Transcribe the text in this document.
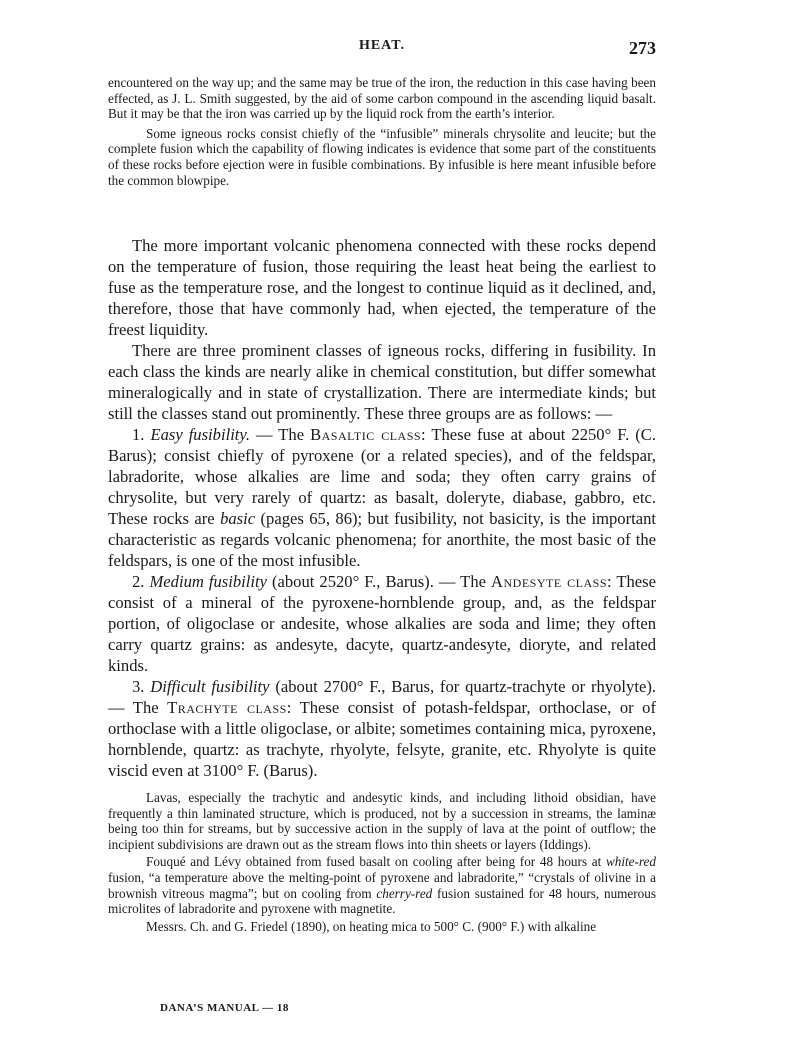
HEAT.	273

encountered on the way up; and the same may be true of the iron, the reduction in this case having been effected, as J. L. Smith suggested, by the aid of some carbon compound in the ascending liquid basalt. But it may be that the iron was carried up by the liquid rock from the earth’s interior.

Some igneous rocks consist chiefly of the “infusible” minerals chrysolite and leucite; but the complete fusion which the capability of flowing indicates is evidence that some part of the constituents of these rocks before ejection were in fusible combinations. By infusible is here meant infusible before the common blowpipe.

The more important volcanic phenomena connected with these rocks depend on the temperature of fusion, those requiring the least heat being the earliest to fuse as the temperature rose, and the longest to continue liquid as it declined, and, therefore, those that have commonly had, when ejected, the temperature of the freest liquidity.

There are three prominent classes of igneous rocks, differing in fusibility. In each class the kinds are nearly alike in chemical constitution, but differ somewhat mineralogically and in state of crystallization. There are intermediate kinds; but still the classes stand out prominently. These three groups are as follows: —

1. Easy fusibility. — The Basaltic class: These fuse at about 2250° F. (C. Barus); consist chiefly of pyroxene (or a related species), and of the feldspar, labradorite, whose alkalies are lime and soda; they often carry grains of chrysolite, but very rarely of quartz: as basalt, doleryte, diabase, gabbro, etc. These rocks are basic (pages 65, 86); but fusibility, not basicity, is the important characteristic as regards volcanic phenomena; for anorthite, the most basic of the feldspars, is one of the most infusible.

2. Medium fusibility (about 2520° F., Barus). — The Andesyte class: These consist of a mineral of the pyroxene-hornblende group, and, as the feldspar portion, of oligoclase or andesite, whose alkalies are soda and lime; they often carry quartz grains: as andesyte, dacyte, quartz-andesyte, dioryte, and related kinds.

3. Difficult fusibility (about 2700° F., Barus, for quartz-trachyte or rhyolyte). — The Trachyte class: These consist of potash-feldspar, orthoclase, or of orthoclase with a little oligoclase, or albite; sometimes containing mica, pyroxene, hornblende, quartz: as trachyte, rhyolyte, felsyte, granite, etc. Rhyolyte is quite viscid even at 3100° F. (Barus).

Lavas, especially the trachytic and andesytic kinds, and including lithoid obsidian, have frequently a thin laminated structure, which is produced, not by a succession in streams, the laminæ being too thin for streams, but by successive action in the supply of lava at the point of outflow; the incipient subdivisions are drawn out as the stream flows into thin sheets or layers (Iddings).

Fouqué and Lévy obtained from fused basalt on cooling after being for 48 hours at white-red fusion, “a temperature above the melting-point of pyroxene and labradorite,” “crystals of olivine in a brownish vitreous magma”; but on cooling from cherry-red fusion sustained for 48 hours, numerous microlites of labradorite and pyroxene with magnetite.

Messrs. Ch. and G. Friedel (1890), on heating mica to 500° C. (900° F.) with alkaline

DANA’S MANUAL — 18
